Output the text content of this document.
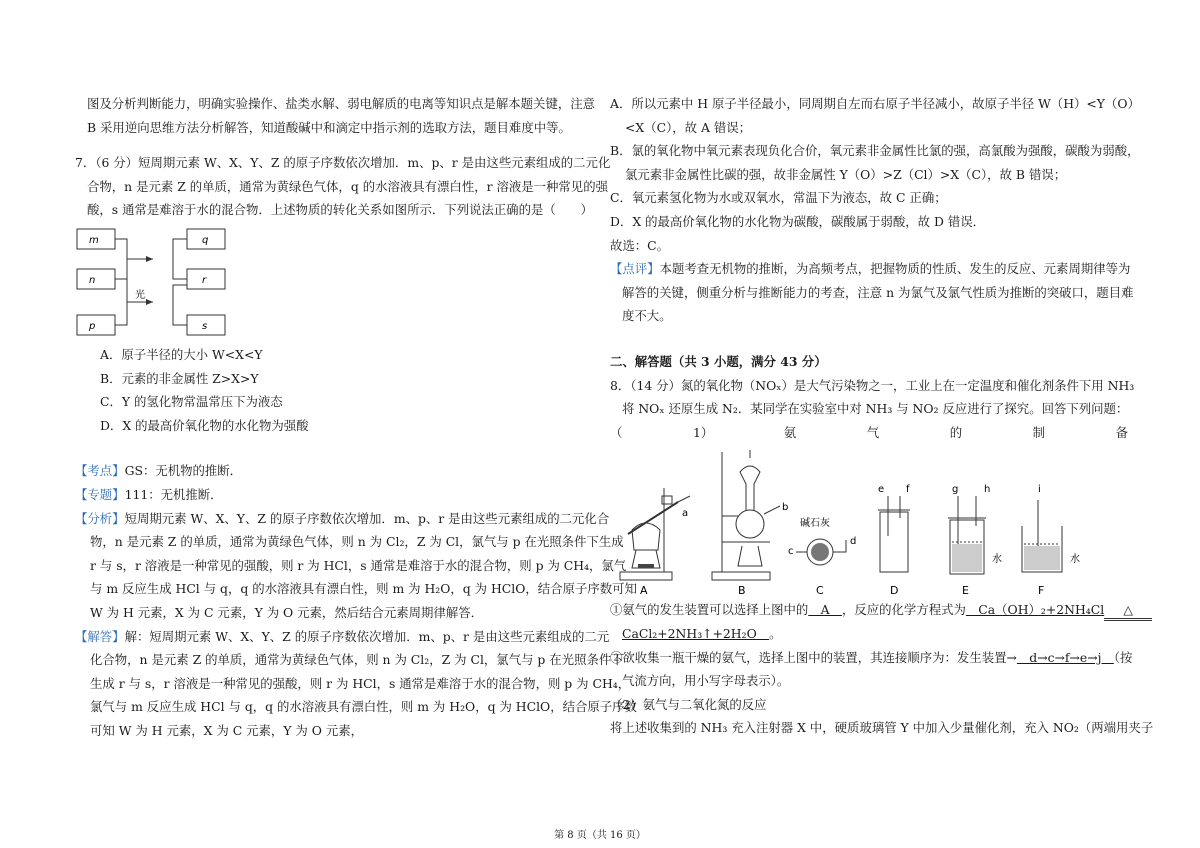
图及分析判断能力，明确实验操作、盐类水解、弱电解质的电离等知识点是解本题关键，注意
B 采用逆向思维方法分析解答，知道酸碱中和滴定中指示剂的选取方法，题目难度中等。
7．（6 分）短周期元素 W、X、Y、Z 的原子序数依次增加．m、p、r 是由这些元素组成的二元化
合物，n 是元素 Z 的单质，通常为黄绿色气体，q 的水溶液具有漂白性，r 溶液是一种常见的强
酸，s 通常是难溶于水的混合物．上述物质的转化关系如图所示．下列说法正确的是（　　）
m
n
p
q
r
s
光
A．原子半径的大小 W<X<Y
B．元素的非金属性 Z>X>Y
C．Y 的氢化物常温常压下为液态
D．X 的最高价氧化物的水化物为强酸
【考点】GS：无机物的推断．
【专题】111：无机推断．
【分析】短周期元素 W、X、Y、Z 的原子序数依次增加．m、p、r 是由这些元素组成的二元化合
物，n 是元素 Z 的单质，通常为黄绿色气体，则 n 为 Cl₂，Z 为 Cl，氯气与 p 在光照条件下生成
r 与 s，r 溶液是一种常见的强酸，则 r 为 HCl，s 通常是难溶于水的混合物，则 p 为 CH₄，氯气
与 m 反应生成 HCl 与 q，q 的水溶液具有漂白性，则 m 为 H₂O，q 为 HClO，结合原子序数可知
W 为 H 元素，X 为 C 元素，Y 为 O 元素，然后结合元素周期律解答．
【解答】解：短周期元素 W、X、Y、Z 的原子序数依次增加．m、p、r 是由这些元素组成的二元
化合物，n 是元素 Z 的单质，通常为黄绿色气体，则 n 为 Cl₂，Z 为 Cl，氯气与 p 在光照条件下
生成 r 与 s，r 溶液是一种常见的强酸，则 r 为 HCl，s 通常是难溶于水的混合物，则 p 为 CH₄，
氯气与 m 反应生成 HCl 与 q，q 的水溶液具有漂白性，则 m 为 H₂O，q 为 HClO，结合原子序数
可知 W 为 H 元素，X 为 C 元素，Y 为 O 元素，
A．所以元素中 H 原子半径最小，同周期自左而右原子半径减小，故原子半径 W（H）<Y（O）
<X（C），故 A 错误；
B．氯的氧化物中氧元素表现负化合价，氧元素非金属性比氯的强，高氯酸为强酸，碳酸为弱酸，
氯元素非金属性比碳的强，故非金属性 Y（O）>Z（Cl）>X（C），故 B 错误；
C．氧元素氢化物为水或双氧水，常温下为液态，故 C 正确；
D．X 的最高价氧化物的水化物为碳酸，碳酸属于弱酸，故 D 错误．
故选：C。
【点评】本题考查无机物的推断，为高频考点，把握物质的性质、发生的反应、元素周期律等为
解答的关键，侧重分析与推断能力的考查，注意 n 为氯气及氯气性质为推断的突破口，题目难
度不大。
二、解答题（共 3 小题，满分 43 分）
8．（14 分）氮的氧化物（NOₓ）是大气污染物之一，工业上在一定温度和催化剂条件下用 NH₃
将 NOₓ 还原生成 N₂．某同学在实验室中对 NH₃ 与 NO₂ 反应进行了探究。回答下列问题：
（	1）	氨	气	的	制	备
A	B	C	D	E	F
a
b
c
d
e f	g	h	i
碱石灰
水	水
①氨气的发生装置可以选择上图中的　A　，反应的化学方程式为　Ca（OH）₂+2NH₄Cl △
CaCl₂+2NH₃↑+2H₂O　。
②欲收集一瓶干燥的氨气，选择上图中的装置，其连接顺序为：发生装置→　d→c→f→e→j　（按
气流方向，用小写字母表示）。
（2）氨气与二氧化氮的反应
将上述收集到的 NH₃ 充入注射器 X 中，硬质玻璃管 Y 中加入少量催化剂，充入 NO₂（两端用夹子
第 8 页（共 16 页）
